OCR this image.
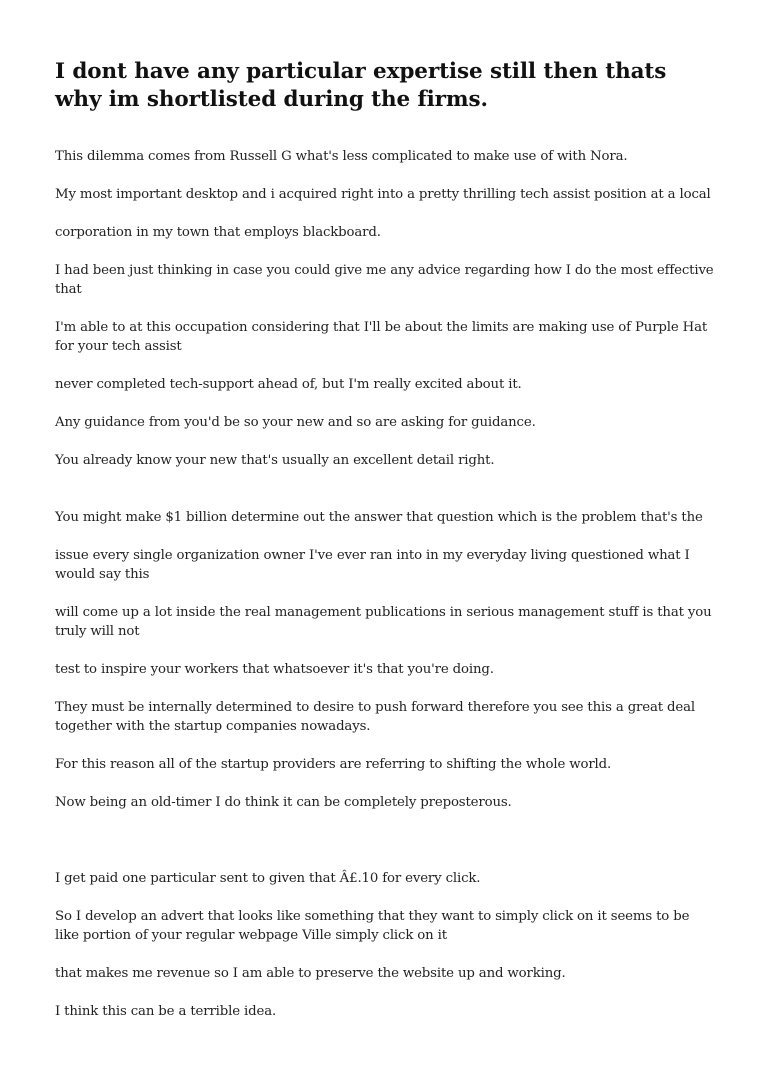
I dont have any particular expertise still then thats why im shortlisted during the firms.

This dilemma comes from Russell G what's less complicated to make use of with Nora.

My most important desktop and i acquired right into a pretty thrilling tech assist position at a local

corporation in my town that employs blackboard.

I had been just thinking in case you could give me any advice regarding how I do the most effective that

I'm able to at this occupation considering that I'll be about the limits are making use of Purple Hat for your tech assist

never completed tech-support ahead of, but I'm really excited about it.

Any guidance from you'd be so your new and so are asking for guidance.

You already know your new that's usually an excellent detail right.

You might make $1 billion determine out the answer that question which is the problem that's the

issue every single organization owner I've ever ran into in my everyday living questioned what I would say this

will come up a lot inside the real management publications in serious management stuff is that you truly will not

test to inspire your workers that whatsoever it's that you're doing.

They must be internally determined to desire to push forward therefore you see this a great deal together with the startup companies nowadays.

For this reason all of the startup providers are referring to shifting the whole world.

Now being an old-timer I do think it can be completely preposterous.

I get paid one particular sent to given that Â£.10 for every click.

So I develop an advert that looks like something that they want to simply click on it seems to be like portion of your regular webpage Ville simply click on it

that makes me revenue so I am able to preserve the website up and working.

I think this can be a terrible idea.
